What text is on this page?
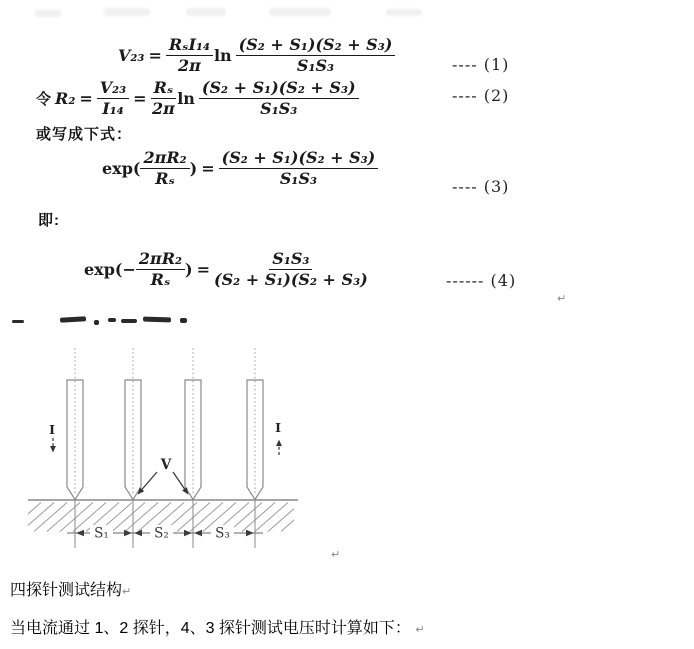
$V_{23} = \frac{\text{RₛI₁₄}}{2\pi}$ $\ln \frac{\text{(S₂ + S₁)(S₂ + S₃)}}{\text{S₁S₃}}$	---- (1)
令 $R_2 = \frac{\text{V₂₃}}{\text{I₁₄}} = \frac{\text{Rₛ}}{2\pi}$ $\ln \frac{\text{(S₂ + S₁)(S₂ + S₃)}}{\text{S₁S₃}}$	---- (2)
或写成下式：
$\exp( \frac{\text{2πR₂}}{\text{Rₛ}}$ ) = $\frac{\text{(S₂ + S₁)(S₂ + S₃)}}{\text{S₁S₃}}$	---- (3)
即:
$\exp(- \frac{\text{2πR₂}}{\text{Rₛ}}$ ) = $\frac{\text{S₁S₃}}{\text{(S₂ + S₁)(S₂ + S₃)}}$	------ (4)
↵
S₁	S₂	S₃
V
I	I
↵
四探针测试结构↵
当电流通过 1、2 探针，4、3 探针测试电压时计算如下： ↵
